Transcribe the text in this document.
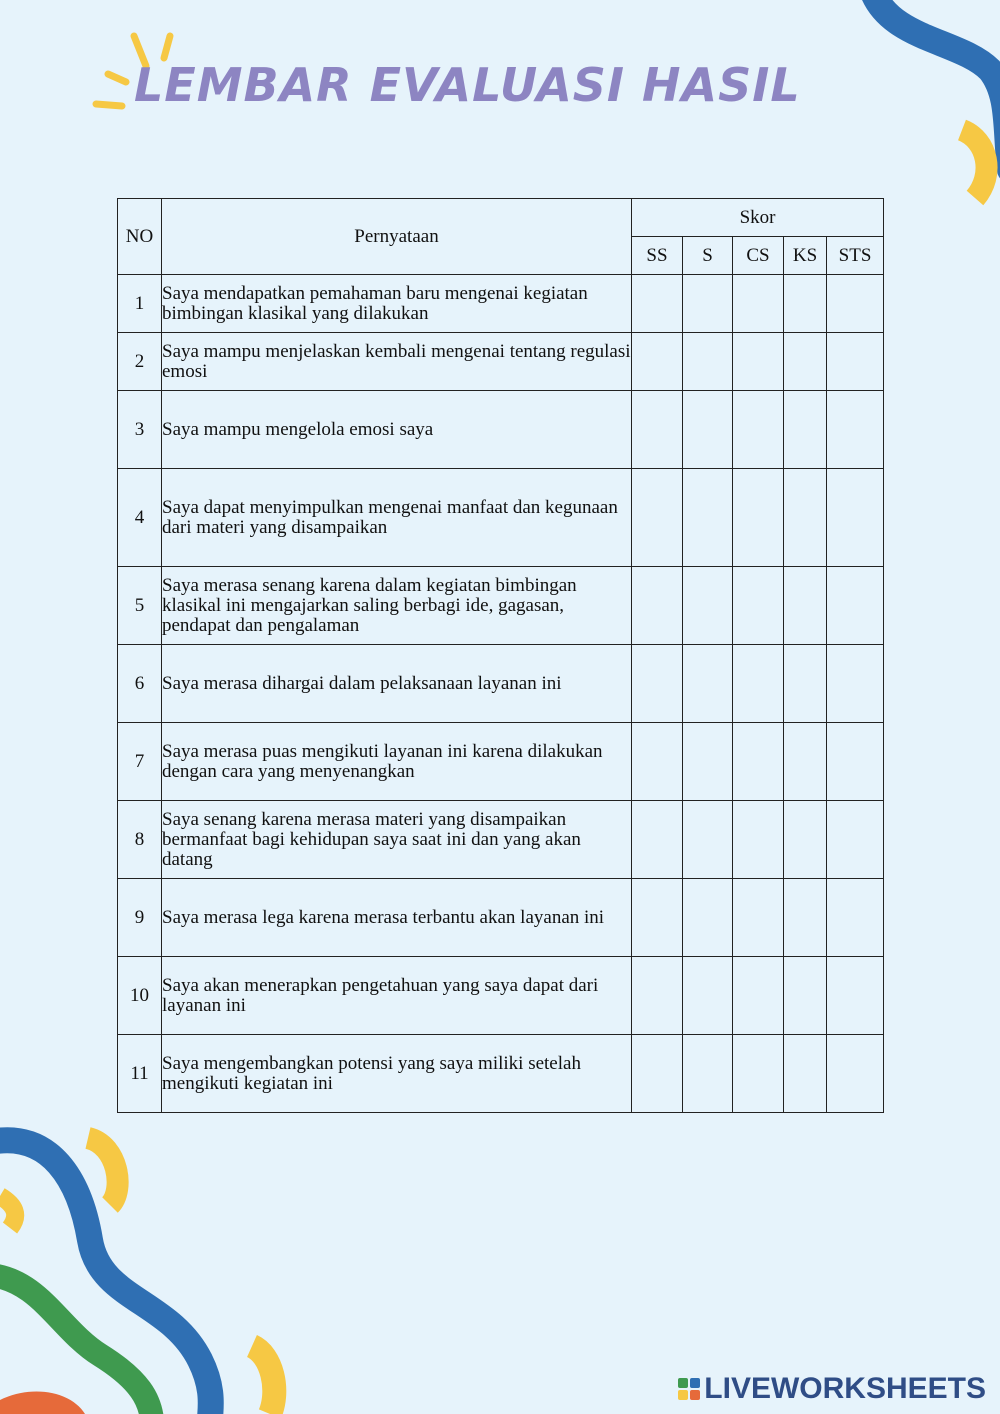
LEMBAR EVALUASI HASIL
NO	Pernyataan	Skor				
		SS	S	CS	KS	STS
1	Saya mendapatkan pemahaman baru mengenai kegiatan bimbingan klasikal yang dilakukan					
2	Saya mampu menjelaskan kembali mengenai tentang regulasi emosi					
3	Saya mampu mengelola emosi saya					
4	Saya dapat menyimpulkan mengenai manfaat dan kegunaan dari materi yang disampaikan					
5	Saya merasa senang karena dalam kegiatan bimbingan klasikal ini mengajarkan saling berbagi ide, gagasan, pendapat dan pengalaman					
6	Saya merasa dihargai dalam pelaksanaan layanan ini					
7	Saya merasa puas mengikuti layanan ini karena dilakukan dengan cara yang menyenangkan					
8	Saya senang karena merasa materi yang disampaikan bermanfaat bagi kehidupan saya saat ini dan yang akan datang					
9	Saya merasa lega karena merasa terbantu akan layanan ini					
10	Saya akan menerapkan pengetahuan yang saya dapat dari layanan ini					
11	Saya mengembangkan potensi yang saya miliki setelah mengikuti kegiatan ini					
LIVEWORKSHEETS
